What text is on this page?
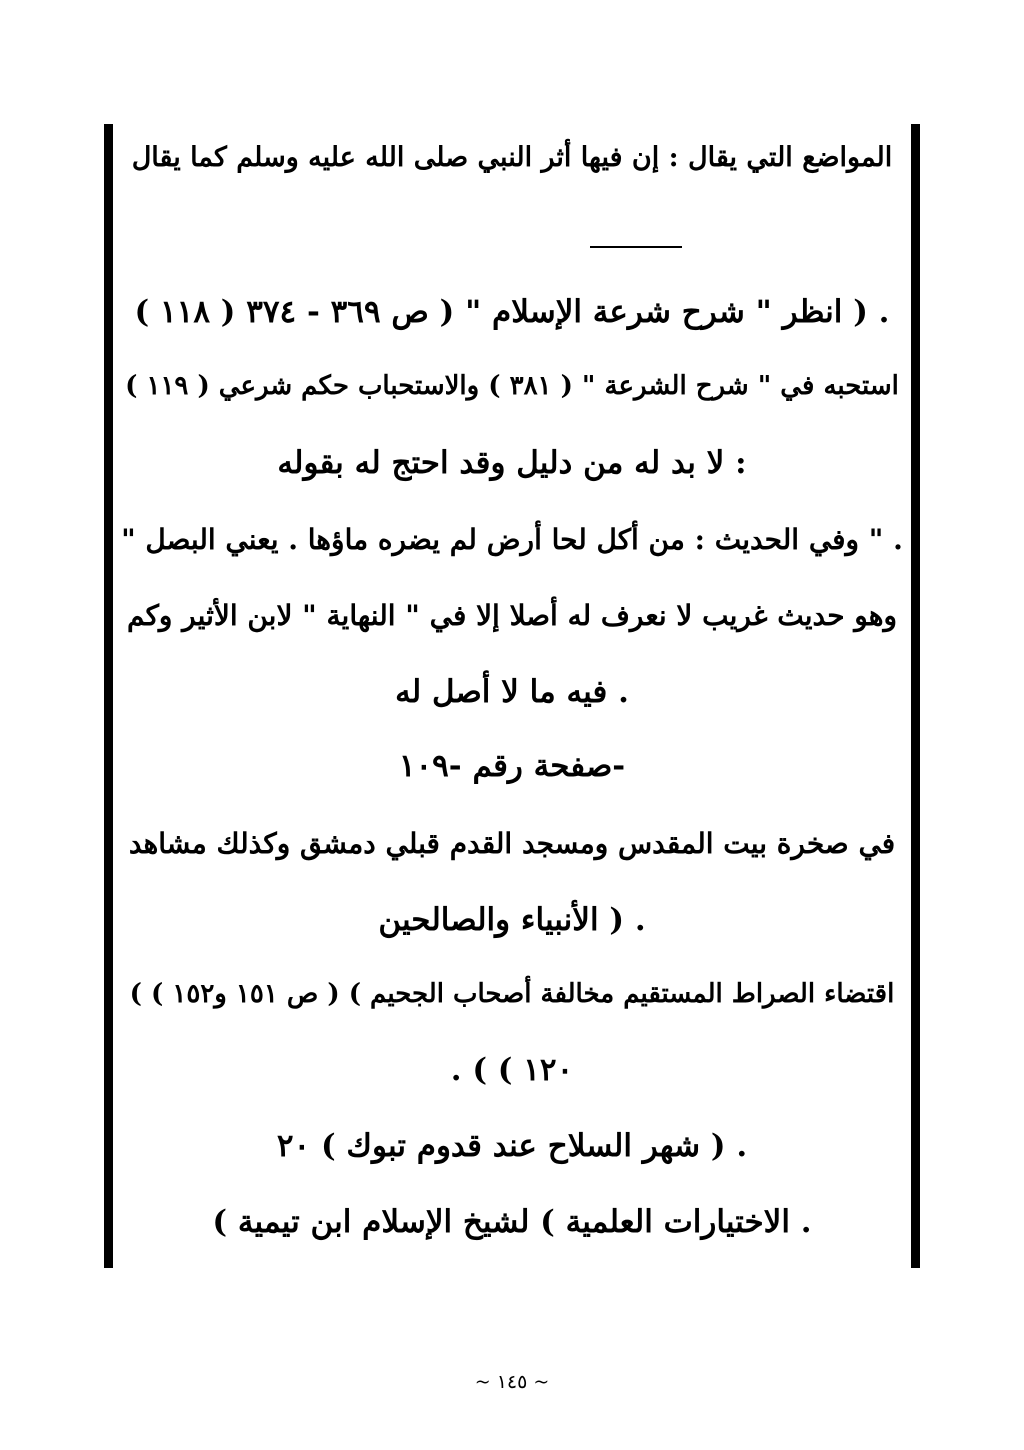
المواضع التي يقال : إن فيها أثر النبي صلى الله عليه وسلم كما يقال
. ( انظر " شرح شرعة الإسلام " ( ص ٣٦٩ - ٣٧٤ ( ١١٨ )
استحبه في " شرح الشرعة " ( ٣٨١ ) والاستحباب حكم شرعي ( ١١٩ )
: لا بد له من دليل وقد احتج له بقوله
. " وفي الحديث : من أكل لحا أرض لم يضره ماؤها . يعني البصل "
وهو حديث غريب لا نعرف له أصلا إلا في " النهاية " لابن الأثير وكم
. فيه ما لا أصل له
-صفحة رقم -١٠٩
في صخرة بيت المقدس ومسجد القدم قبلي دمشق وكذلك مشاهد
. ( الأنبياء والصالحين
اقتضاء الصراط المستقيم مخالفة أصحاب الجحيم ) ( ص ١٥١ و١٥٢ ) )
. ( ( ١٢٠
. ( شهر السلاح عند قدوم تبوك ) ٢٠
. الاختيارات العلمية ) لشيخ الإسلام ابن تيمية )
~ ١٤٥ ~
